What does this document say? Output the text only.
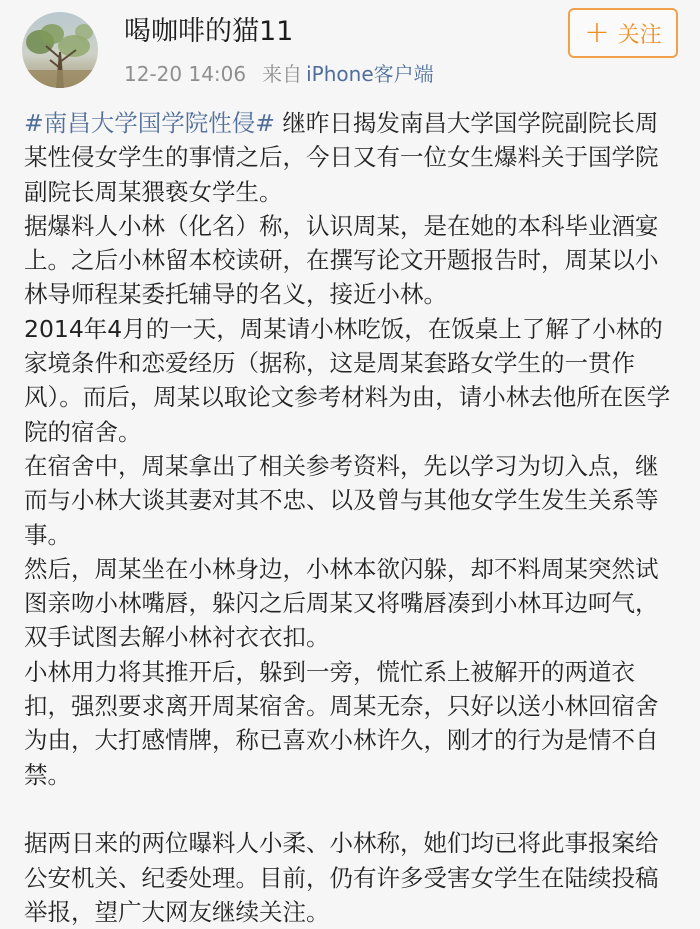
喝咖啡的猫11
12-20 14:06 来自 iPhone客户端
+ 关注

#南昌大学国学院性侵# 继昨日揭发南昌大学国学院副院长周某性侵女学生的事情之后，今日又有一位女生爆料关于国学院副院长周某猥亵女学生。

据爆料人小林（化名）称，认识周某，是在她的本科毕业酒宴上。之后小林留本校读研，在撰写论文开题报告时，周某以小林导师程某委托辅导的名义，接近小林。

2014年4月的一天，周某请小林吃饭，在饭桌上了解了小林的家境条件和恋爱经历（据称，这是周某套路女学生的一贯作风）。而后，周某以取论文参考材料为由，请小林去他所在医学院的宿舍。

在宿舍中，周某拿出了相关参考资料，先以学习为切入点，继而与小林大谈其妻对其不忠、以及曾与其他女学生发生关系等事。

然后，周某坐在小林身边，小林本欲闪躲，却不料周某突然试图亲吻小林嘴唇，躲闪之后周某又将嘴唇凑到小林耳边呵气，双手试图去解小林衬衣衣扣。

小林用力将其推开后，躲到一旁，慌忙系上被解开的两道衣扣，强烈要求离开周某宿舍。周某无奈，只好以送小林回宿舍为由，大打感情牌，称已喜欢小林许久，刚才的行为是情不自禁。

据两日来的两位曝料人小柔、小林称，她们均已将此事报案给公安机关、纪委处理。目前，仍有许多受害女学生在陆续投稿举报，望广大网友继续关注。
